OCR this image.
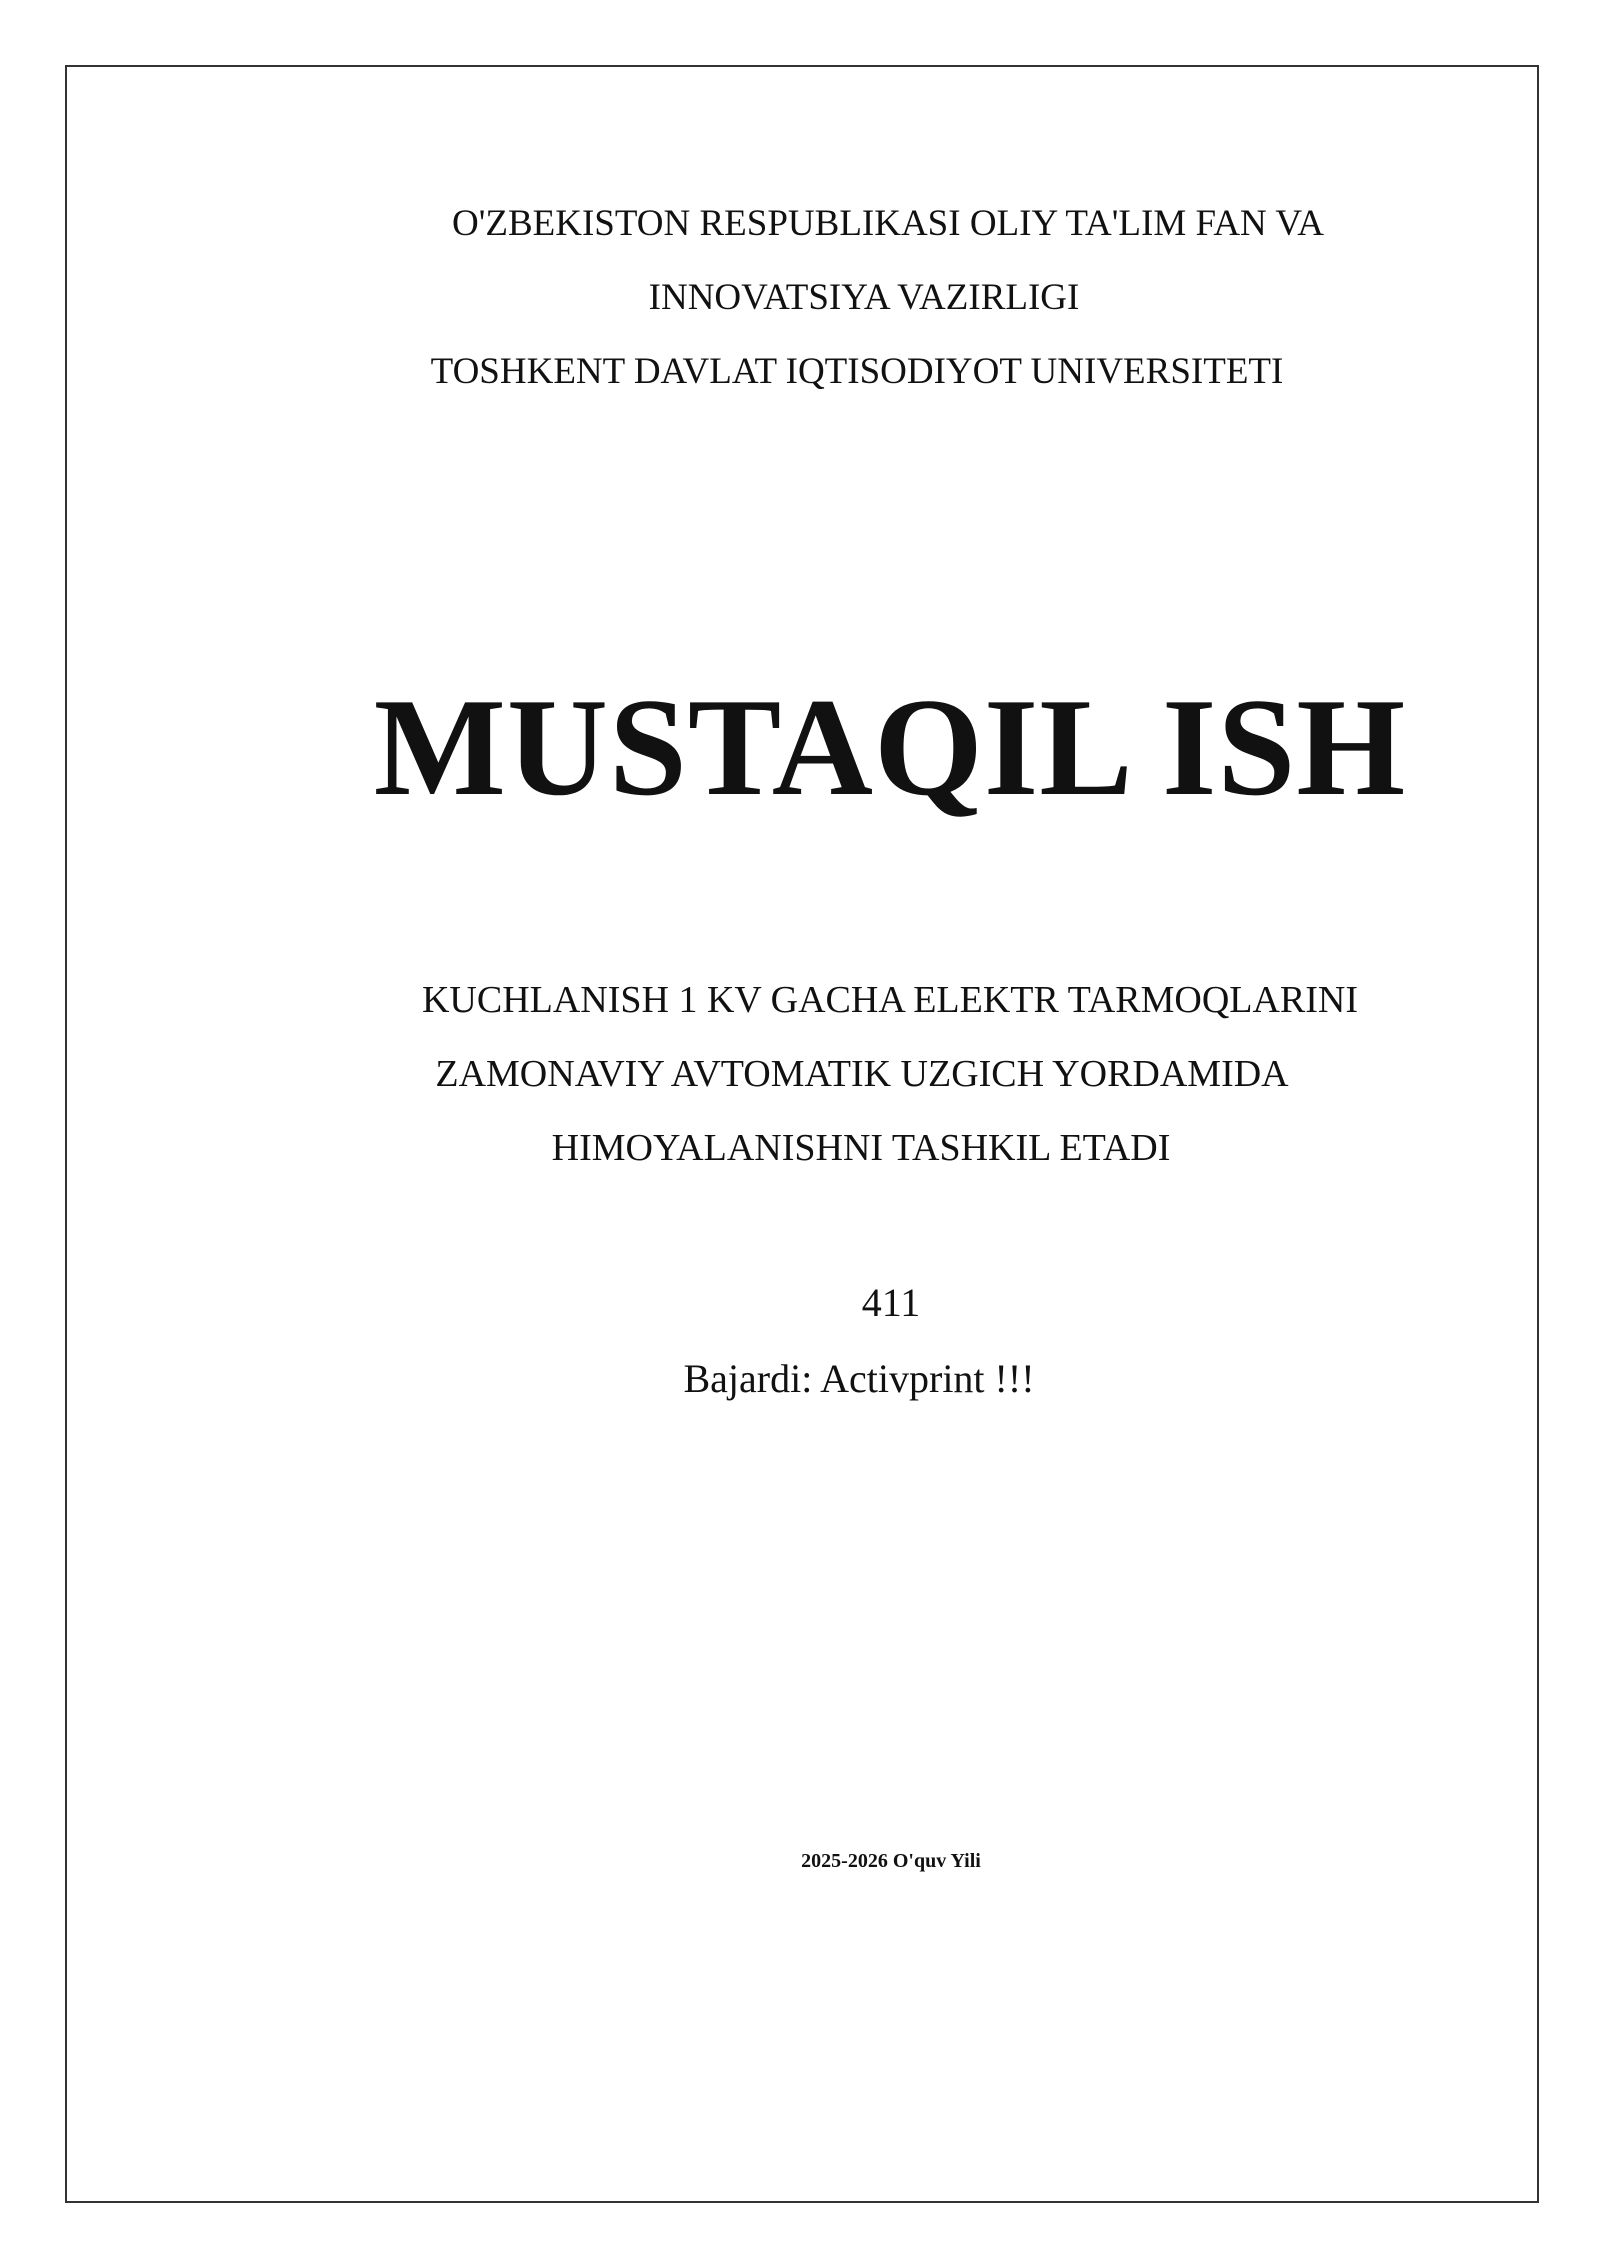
O'ZBEKISTON RESPUBLIKASI OLIY TA'LIM FAN VA
INNOVATSIYA VAZIRLIGI
TOSHKENT DAVLAT IQTISODIYOT UNIVERSITETI
MUSTAQIL ISH
KUCHLANISH 1 KV GACHA ELEKTR TARMOQLARINI
ZAMONAVIY AVTOMATIK UZGICH YORDAMIDA
HIMOYALANISHNI TASHKIL ETADI
411
Bajardi: Activprint !!!
2025-2026 O'quv Yili
